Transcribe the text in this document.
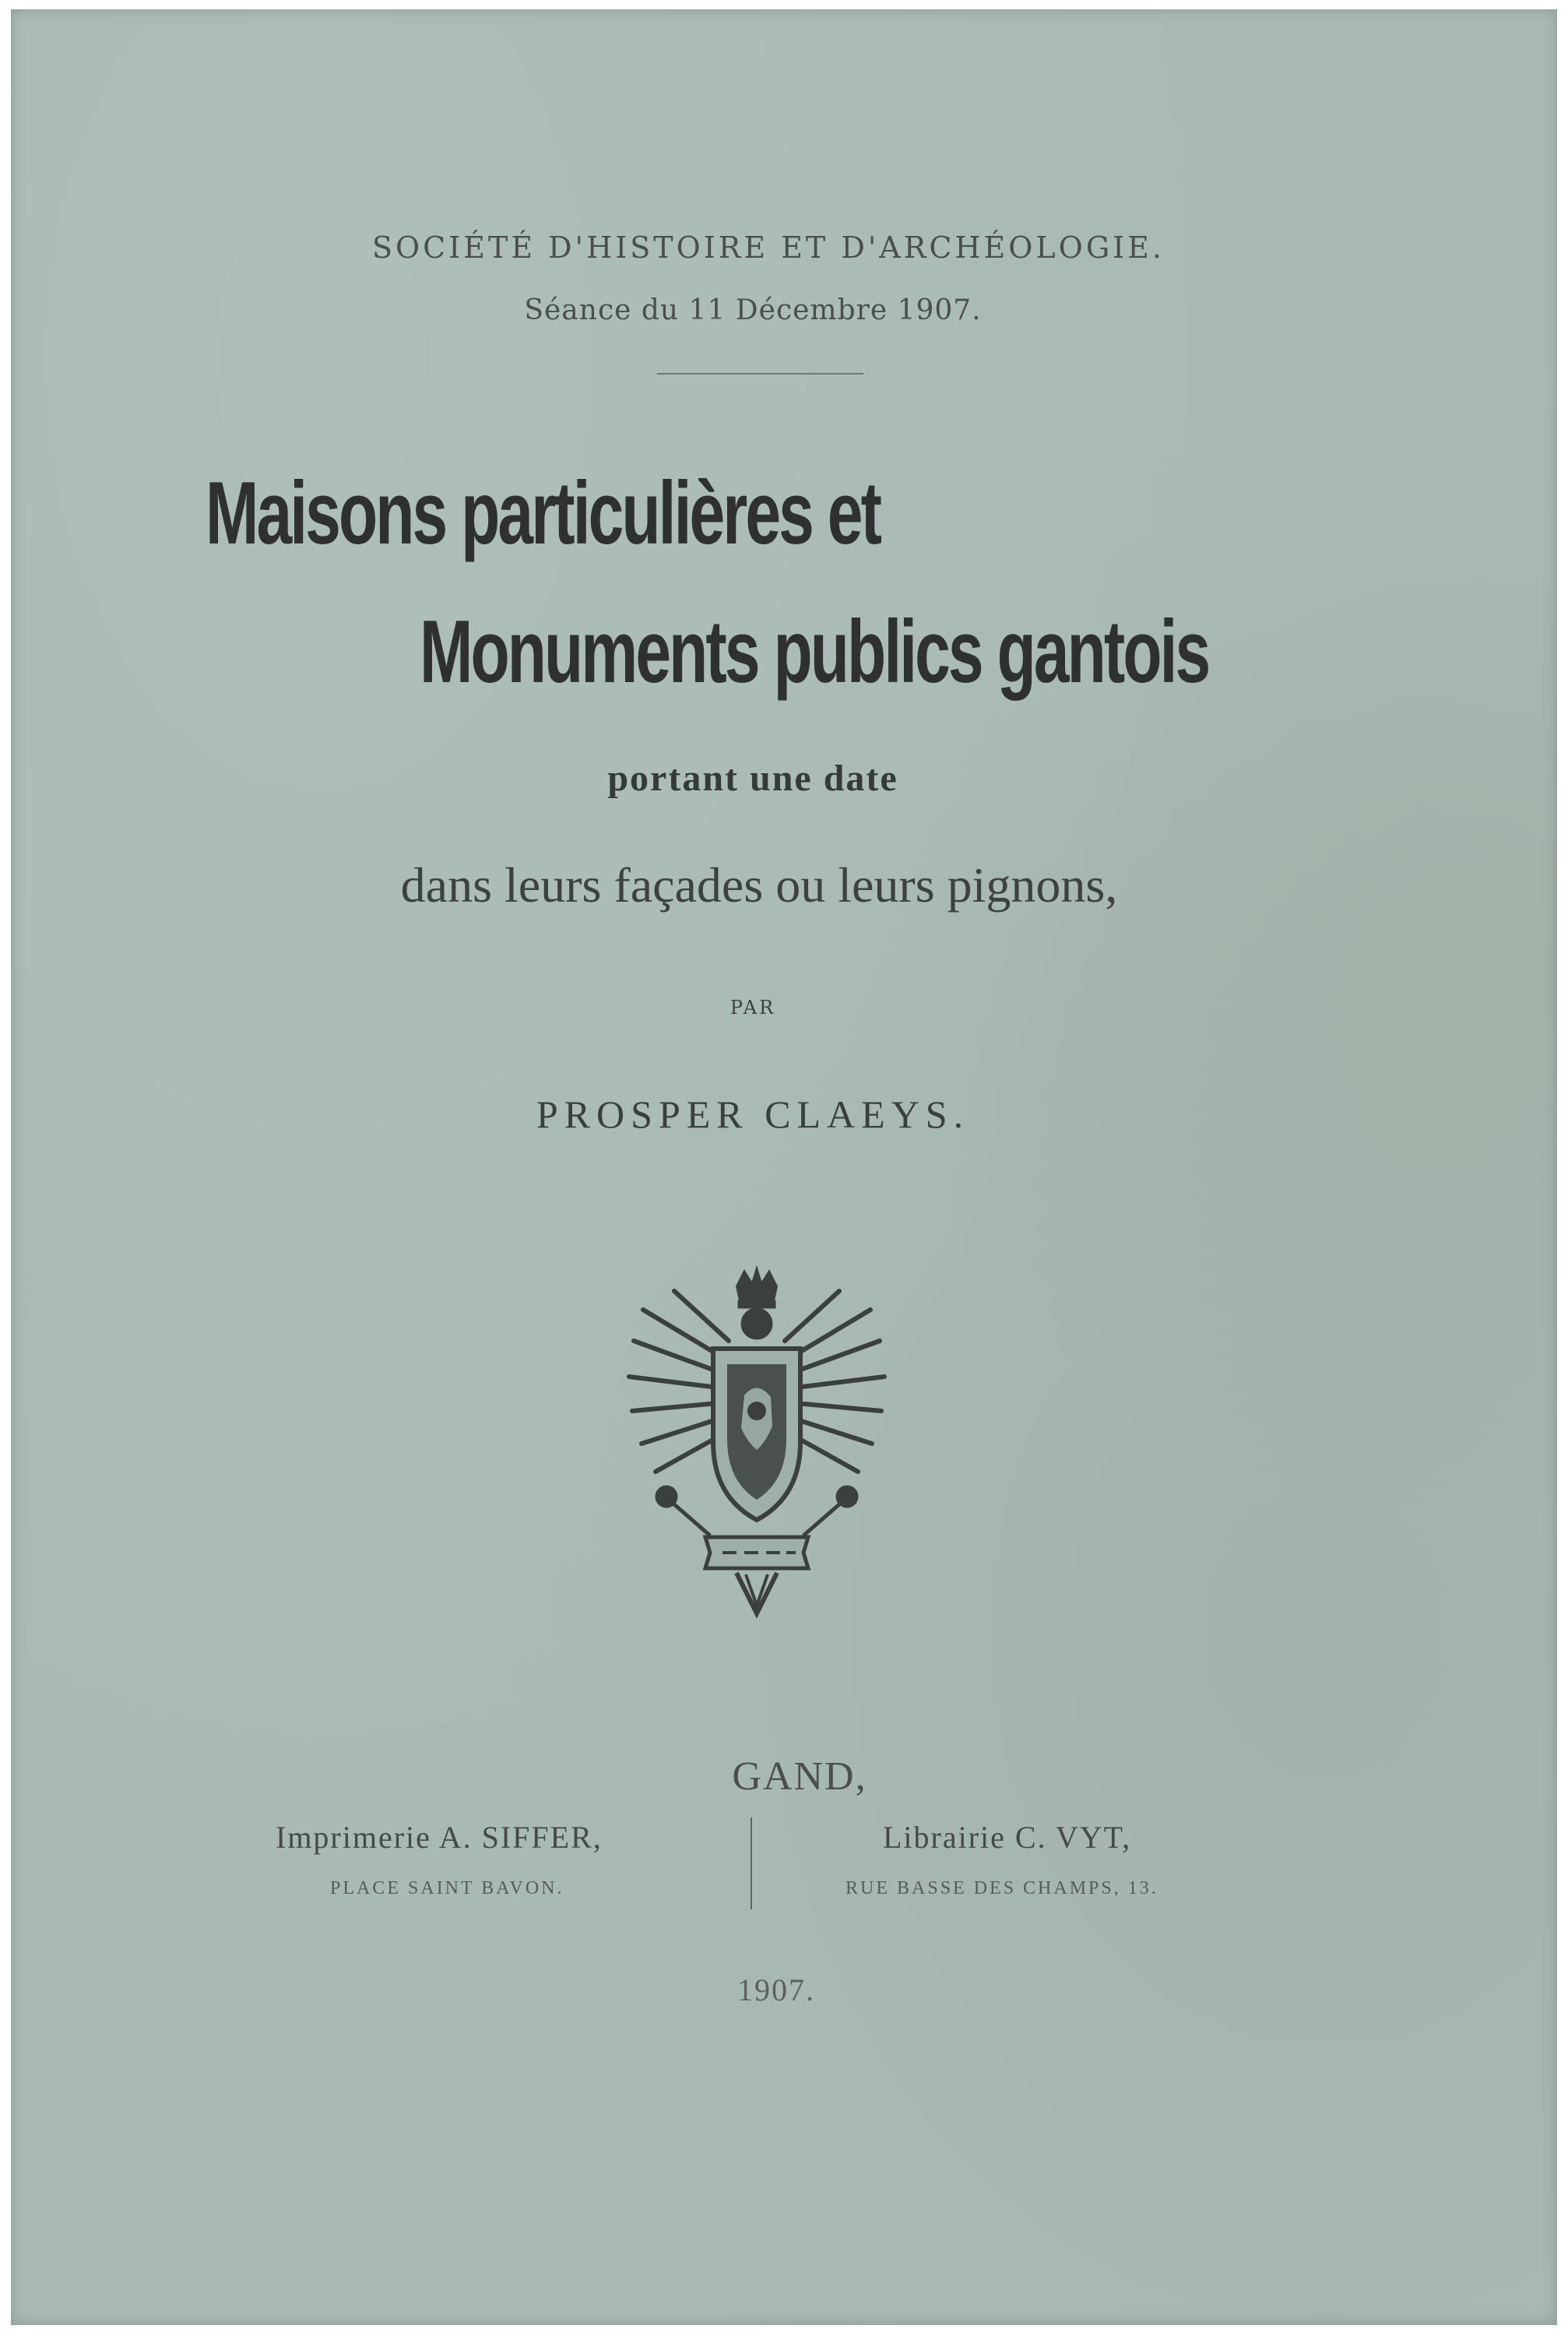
SOCIÉTÉ D'HISTOIRE ET D'ARCHÉOLOGIE.
Séance du 11 Décembre 1907.
Maisons particulières et
Monuments publics gantois
portant une date
dans leurs façades ou leurs pignons,
PAR
PROSPER CLAEYS.
GAND,
Imprimerie A. SIFFER,	Librairie C. VYT,
PLACE SAINT BAVON.	RUE BASSE DES CHAMPS, 13.
1907.
